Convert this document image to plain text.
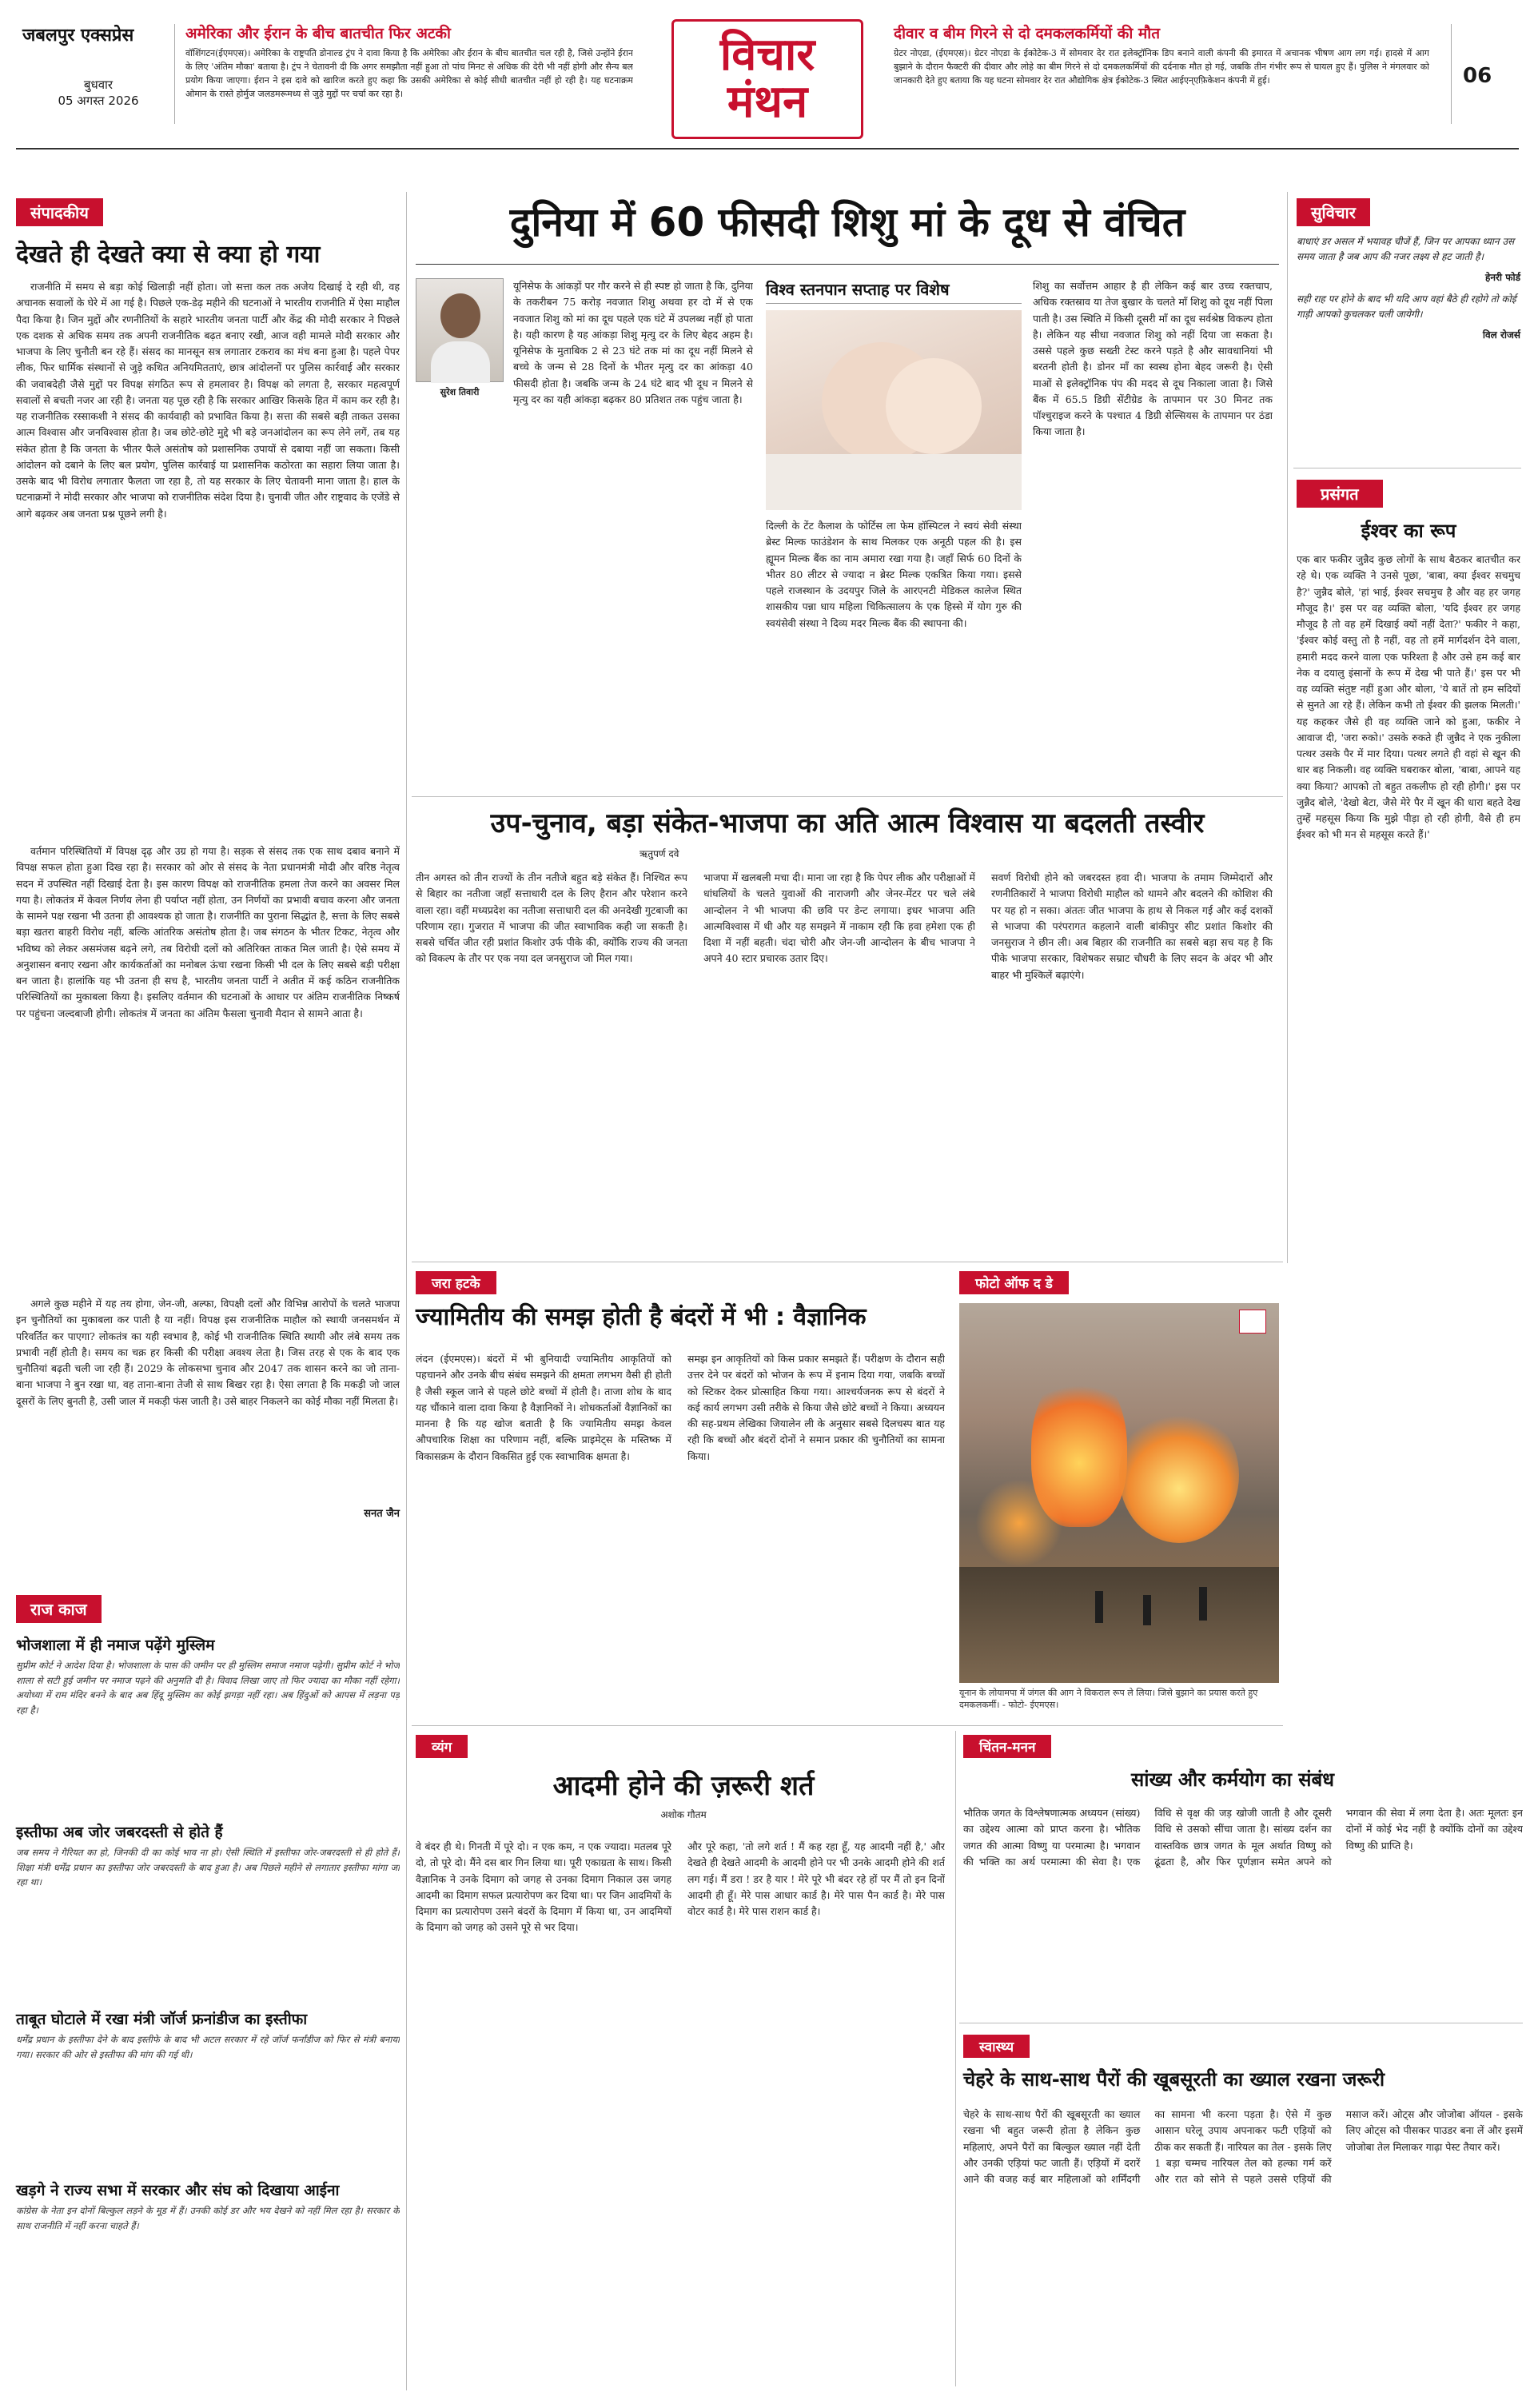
जबलपुर एक्सप्रेस
बुधवार
05 अगस्त 2026
अमेरिका और ईरान के बीच बातचीत फिर अटकी
वॉशिंगटन(ईएमएस)। अमेरिका के राष्ट्रपति डोनाल्ड ट्रंप ने दावा किया है कि अमेरिका और ईरान के बीच बातचीत चल रही है, जिसे उन्होंने ईरान के लिए 'अंतिम मौका' बताया है। ट्रंप ने चेतावनी दी कि अगर समझौता नहीं हुआ तो पांच मिनट से अधिक की देरी भी नहीं होगी और सैन्य बल प्रयोग किया जाएगा। ईरान ने इस दावे को खारिज करते हुए कहा कि उसकी अमेरिका से कोई सीधी बातचीत नहीं हो रही है। यह घटनाक्रम ओमान के रास्ते होर्मुज जलडमरूमध्य से जुड़े मुद्दों पर चर्चा कर रहा है।
विचार
मंथन
दीवार व बीम गिरने से दो दमकलकर्मियों की मौत
ग्रेटर नोएडा, (ईएमएस)। ग्रेटर नोएडा के ईकोटेक-3 में सोमवार देर रात इलेक्ट्रॉनिक डिप बनाने वाली कंपनी की इमारत में अचानक भीषण आग लग गई। हादसे में आग बुझाने के दौरान फैक्टरी की दीवार और लोहे का बीम गिरने से दो दमकलकर्मियों की दर्दनाक मौत हो गई, जबकि तीन गंभीर रूप से घायल हुए हैं। पुलिस ने मंगलवार को जानकारी देते हुए बताया कि यह घटना सोमवार देर रात औद्योगिक क्षेत्र ईकोटेक-3 स्थित आईएन्एफ़िकेशन कंपनी में हुई।	06
संपादकीय
देखते ही देखते क्या से क्या हो गया

राजनीति में समय से बड़ा कोई खिलाड़ी नहीं होता। जो सत्ता कल तक अजेय दिखाई दे रही थी, वह अचानक सवालों के घेरे में आ गई है। पिछले एक-डेढ़ महीने की घटनाओं ने भारतीय राजनीति में ऐसा माहौल पैदा किया है। जिन मुद्दों और रणनीतियों के सहारे भारतीय जनता पार्टी और केंद्र की मोदी सरकार ने पिछले एक दशक से अधिक समय तक अपनी राजनीतिक बढ़त बनाए रखी, आज वही मामले मोदी सरकार और भाजपा के लिए चुनौती बन रहे हैं। संसद का मानसून सत्र लगातार टकराव का मंच बना हुआ है। पहले पेपर लीक, फिर धार्मिक संस्थानों से जुड़े कथित अनियमितताएं, छात्र आंदोलनों पर पुलिस कार्रवाई और सरकार की जवाबदेही जैसे मुद्दों पर विपक्ष संगठित रूप से हमलावर है। विपक्ष को लगता है, सरकार महत्वपूर्ण सवालों से बचती नजर आ रही है। जनता यह पूछ रही है कि सरकार आखिर किसके हित में काम कर रही है। यह राजनीतिक रस्साकशी ने संसद की कार्यवाही को प्रभावित किया है। सत्ता की सबसे बड़ी ताकत उसका आत्म विश्वास और जनविश्वास होता है। जब छोटे-छोटे मुद्दे भी बड़े जनआंदोलन का रूप लेने लगें, तब यह संकेत होता है कि जनता के भीतर फैले असंतोष को प्रशासनिक उपायों से दबाया नहीं जा सकता। किसी आंदोलन को दबाने के लिए बल प्रयोग, पुलिस कार्रवाई या प्रशासनिक कठोरता का सहारा लिया जाता है। उसके बाद भी विरोध लगातार फैलता जा रहा है, तो यह सरकार के लिए चेतावनी माना जाता है। हाल के घटनाक्रमों ने मोदी सरकार और भाजपा को राजनीतिक संदेश दिया है। चुनावी जीत और राष्ट्रवाद के एजेंडे से आगे बढ़कर अब जनता प्रश्न पूछने लगी है।

वर्तमान परिस्थितियों में विपक्ष दृढ़ और उग्र हो गया है। सड़क से संसद तक एक साथ दबाव बनाने में विपक्ष सफल होता हुआ दिख रहा है। सरकार को ओर से संसद के नेता प्रधानमंत्री मोदी और वरिष्ठ नेतृत्व सदन में उपस्थित नहीं दिखाई देता है। इस कारण विपक्ष को राजनीतिक हमला तेज करने का अवसर मिल गया है। लोकतंत्र में केवल निर्णय लेना ही पर्याप्त नहीं होता, उन निर्णयों का प्रभावी बचाव करना और जनता के सामने पक्ष रखना भी उतना ही आवश्यक हो जाता है। राजनीति का पुराना सिद्धांत है, सत्ता के लिए सबसे बड़ा खतरा बाहरी विरोध नहीं, बल्कि आंतरिक असंतोष होता है। जब संगठन के भीतर टिकट, नेतृत्व और भविष्य को लेकर असमंजस बढ़ने लगे, तब विरोधी दलों को अतिरिक्त ताकत मिल जाती है। ऐसे समय में अनुशासन बनाए रखना और कार्यकर्ताओं का मनोबल ऊंचा रखना किसी भी दल के लिए सबसे बड़ी परीक्षा बन जाता है। हालांकि यह भी उतना ही सच है, भारतीय जनता पार्टी ने अतीत में कई कठिन राजनीतिक परिस्थितियों का मुकाबला किया है। इसलिए वर्तमान की घटनाओं के आधार पर अंतिम राजनीतिक निष्कर्ष पर पहुंचना जल्दबाजी होगी। लोकतंत्र में जनता का अंतिम फैसला चुनावी मैदान से सामने आता है।

अगले कुछ महीने में यह तय होगा, जेन-जी, अल्फा, विपक्षी दलों और विभिन्न आरोपों के चलते भाजपा इन चुनौतियों का मुकाबला कर पाती है या नहीं। विपक्ष इस राजनीतिक माहौल को स्थायी जनसमर्थन में परिवर्तित कर पाएगा? लोकतंत्र का यही स्वभाव है, कोई भी राजनीतिक स्थिति स्थायी और लंबे समय तक प्रभावी नहीं होती है। समय का चक्र हर किसी की परीक्षा अवश्य लेता है। जिस तरह से एक के बाद एक चुनौतियां बढ़ती चली जा रही हैं। 2029 के लोकसभा चुनाव और 2047 तक शासन करने का जो ताना-बाना भाजपा ने बुन रखा था, वह ताना-बाना तेजी से साथ बिखर रहा है। ऐसा लगता है कि मकड़ी जो जाल दूसरों के लिए बुनती है, उसी जाल में मकड़ी फंस जाती है। उसे बाहर निकलने का कोई मौका नहीं मिलता है।

सनत जैन
राज काज
भोजशाला में ही नमाज पढ़ेंगे मुस्लिम
सुप्रीम कोर्ट ने आदेश दिया है। भोजशाला के पास की जमीन पर ही मुस्लिम समाज नमाज पढ़ेगी। सुप्रीम कोर्ट ने भोज शाला से सटी हुई जमीन पर नमाज पढ़ने की अनुमति दी है। विवाद लिखा जाए तो फिर ज्यादा का मौका नहीं रहेगा। अयोध्या में राम मंदिर बनने के बाद अब हिंदू मुस्लिम का कोई झगड़ा नहीं रहा। अब हिंदुओं को आपस में लड़ना पड़ रहा है।
इस्तीफा अब जोर जबरदस्ती से होते हैं
जब समय ने गैरियत का हो, जिनकी दी का कोई भाव ना हो। ऐसी स्थिति में इस्तीफा जोर-जबरदस्ती से ही होते हैं। शिक्षा मंत्री धर्मेंद्र प्रधान का इस्तीफा जोर जबरदस्ती के बाद हुआ है। अब पिछले महीने से लगातार इस्तीफा मांगा जा रहा था।
ताबूत घोटाले में रखा मंत्री जॉर्ज फ्रनांडीज का इस्तीफा
धर्मेंद्र प्रधान के इस्तीफा देने के बाद इस्तीफे के बाद भी अटल सरकार में रहे जॉर्ज फर्नांडीज को फिर से मंत्री बनाया गया। सरकार की ओर से इस्तीफा की मांग की गई थी।
खड़गे ने राज्य सभा में सरकार और संघ को दिखाया आईना
कांग्रेस के नेता इन दोनों बिल्कुल लड़ने के मूड में हैं। उनकी कोई डर और भय देखने को नहीं मिल रहा है। सरकार के साथ राजनीति में नहीं करना चाहते हैं।
दुनिया में 60 फीसदी शिशु मां के दूध से वंचित
सुरेश तिवारी
यूनिसेफ के आंकड़ों पर गौर करने से ही स्पष्ट हो जाता है कि, दुनिया के तकरीबन 75 करोड़ नवजात शिशु अथवा हर दो में से एक नवजात शिशु को मां का दूध पहले एक घंटे में उपलब्ध नहीं हो पाता है। यही कारण है यह आंकड़ा शिशु मृत्यु दर के लिए बेहद अहम है। यूनिसेफ के मुताबिक 2 से 23 घंटे तक मां का दूध नहीं मिलने से बच्चे के जन्म से 28 दिनों के भीतर मृत्यु दर का आंकड़ा 40 फीसदी होता है। जबकि जन्म के 24 घंटे बाद भी दूध न मिलने से मृत्यु दर का यही आंकड़ा बढ़कर 80 प्रतिशत तक पहुंच जाता है।
विश्व स्तनपान सप्ताह पर विशेष
दिल्ली के टेंट कैलाश के फोर्टिस ला फेम हॉस्पिटल ने स्वयं सेवी संस्था ब्रेस्ट मिल्क फाउंडेशन के साथ मिलकर एक अनूठी पहल की है। इस ह्यूमन मिल्क बैंक का नाम अमारा रखा गया है। जहाँ सिर्फ 60 दिनों के भीतर 80 लीटर से ज्यादा न ब्रेस्ट मिल्क एकत्रित किया गया। इससे पहले राजस्थान के उदयपुर जिले के आरएनटी मेडिकल कालेज स्थित शासकीय पन्ना धाय महिला चिकित्सालय के एक हिस्से में योग गुरु की स्वयंसेवी संस्था ने दिव्य मदर मिल्क बैंक की स्थापना की।
शिशु का सर्वोत्तम आहार है ही लेकिन कई बार उच्च रक्तचाप, अधिक रक्तस्राव या तेज बुखार के चलते माँ शिशु को दूध नहीं पिला पाती है। उस स्थिति में किसी दूसरी माँ का दूध सर्वश्रेष्ठ विकल्प होता है। लेकिन यह सीधा नवजात शिशु को नहीं दिया जा सकता है। उससे पहले कुछ सख्ती टेस्ट करने पड़ते है और सावधानियां भी बरतनी होती है। डोनर माँ का स्वस्थ होना बेहद जरूरी है। ऐसी माओं से इलेक्ट्रॉनिक पंप की मदद से दूध निकाला जाता है। जिसे बैंक में 65.5 डिग्री सेंटीग्रेड के तापमान पर 30 मिनट तक पॉश्चुराइज करने के पश्चात 4 डिग्री सेल्सियस के तापमान पर ठंडा किया जाता है।
उप-चुनाव, बड़ा संकेत-भाजपा का अति आत्म विश्वास या बदलती तस्वीर
ऋतुपर्ण दवे
तीन अगस्त को तीन राज्यों के तीन नतीजे बहुत बड़े संकेत हैं। निश्चित रूप से बिहार का नतीजा जहाँ सत्ताधारी दल के लिए हैरान और परेशान करने वाला रहा। वहीं मध्यप्रदेश का नतीजा सत्ताधारी दल की अनदेखी गुटबाजी का परिणाम रहा। गुजरात में भाजपा की जीत स्वाभाविक कही जा सकती है। सबसे चर्चित जीत रही प्रशांत किशोर उर्फ पीके की, क्योंकि राज्य की जनता को विकल्प के तौर पर एक नया दल जनसुराज जो मिल गया।
भाजपा में खलबली मचा दी। माना जा रहा है कि पेपर लीक और परीक्षाओं में धांधलियों के चलते युवाओं की नाराजगी और जेनर-मेंटर पर चले लंबे आन्दोलन ने भी भाजपा की छवि पर डेन्ट लगाया। इधर भाजपा अति आत्मविश्वास में थी और यह समझने में नाकाम रही कि हवा हमेशा एक ही दिशा में नहीं बहती। चंदा चोरी और जेन-जी आन्दोलन के बीच भाजपा ने अपने 40 स्टार प्रचारक उतार दिए।
सवर्ण विरोधी होने को जबरदस्त हवा दी। भाजपा के तमाम जिम्मेदारों और रणनीतिकारों ने भाजपा विरोधी माहौल को थामने और बदलने की कोशिश की पर यह हो न सका। अंततः जीत भाजपा के हाथ से निकल गई और कई दशकों से भाजपा की परंपरागत कहलाने वाली बांकीपुर सीट प्रशांत किशोर की जनसुराज ने छीन ली। अब बिहार की राजनीति का सबसे बड़ा सच यह है कि पीके भाजपा सरकार, विशेषकर सम्राट चौधरी के लिए सदन के अंदर भी और बाहर भी मुश्किलें बढ़ाएंगे।
जरा हटके
ज्यामितीय की समझ होती है बंदरों में भी : वैज्ञानिक
लंदन (ईएमएस)। बंदरों में भी बुनियादी ज्यामितीय आकृतियों को पहचानने और उनके बीच संबंध समझने की क्षमता लगभग वैसी ही होती है जैसी स्कूल जाने से पहले छोटे बच्चों में होती है। ताजा शोध के बाद यह चौंकाने वाला दावा किया है वैज्ञानिकों ने। शोधकर्ताओं वैज्ञानिकों का मानना है कि यह खोज बताती है कि ज्यामितीय समझ केवल औपचारिक शिक्षा का परिणाम नहीं, बल्कि प्राइमेट्स के मस्तिष्क में विकासक्रम के दौरान विकसित हुई एक स्वाभाविक क्षमता है।
समझ इन आकृतियों को किस प्रकार समझते हैं। परीक्षण के दौरान सही उत्तर देने पर बंदरों को भोजन के रूप में इनाम दिया गया, जबकि बच्चों को स्टिकर देकर प्रोत्साहित किया गया। आश्चर्यजनक रूप से बंदरों ने कई कार्य लगभग उसी तरीके से किया जैसे छोटे बच्चों ने किया। अध्ययन की सह-प्रथम लेखिका जियालेन ली के अनुसार सबसे दिलचस्प बात यह रही कि बच्चों और बंदरों दोनों ने समान प्रकार की चुनौतियों का सामना किया।
फोटो ऑफ द डे
यूनान के लोयामपा में जंगल की आग ने विकराल रूप ले लिया। जिसे बुझाने का प्रयास करते हुए दमकलकर्मी। - फोटो- ईएमएस।
व्यंग
आदमी होने की ज़रूरी शर्त
अशोक गौतम
वे बंदर ही थे। गिनती में पूरे दो। न एक कम, न एक ज्यादा। मतलब पूरे दो, तो पूरे दो। मैंने दस बार गिन लिया था। पूरी एकाग्रता के साथ। किसी वैज्ञानिक ने उनके दिमाग को जगह से उनका दिमाग निकाल उस जगह आदमी का दिमाग सफल प्रत्यारोपण कर दिया था। पर जिन आदमियों के दिमाग का प्रत्यारोपण उसने बंदरों के दिमाग में किया था, उन आदमियों के दिमाग को जगह को उसने पूरे से भर दिया।
और पूरे कहा, 'तो लगे शर्त ! मैं कह रहा हूँ, यह आदमी नहीं है,' और देखते ही देखते आदमी के आदमी होने पर भी उनके आदमी होने की शर्त लग गई। मैं डरा ! डर है यार ! मेरे पूरे भी बंदर रहे हों पर मैं तो इन दिनों आदमी ही हूँ। मेरे पास आधार कार्ड है। मेरे पास पैन कार्ड है। मेरे पास वोटर कार्ड है। मेरे पास राशन कार्ड है।
चिंतन-मनन
सांख्य और कर्मयोग का संबंध
भौतिक जगत के विश्लेषणात्मक अध्ययन (सांख्य) का उद्देश्य आत्मा को प्राप्त करना है। भौतिक जगत की आत्मा विष्णु या परमात्मा है। भगवान की भक्ति का अर्थ परमात्मा की सेवा है। एक विधि से वृक्ष की जड़ खोजी जाती है और दूसरी विधि से उसको सींचा जाता है। सांख्य दर्शन का वास्तविक छात्र जगत के मूल अर्थात विष्णु को ढूंढता है, और फिर पूर्णज्ञान समेत अपने को भगवान की सेवा में लगा देता है। अतः मूलतः इन दोनों में कोई भेद नहीं है क्योंकि दोनों का उद्देश्य विष्णु की प्राप्ति है।
स्वास्थ्य
चेहरे के साथ-साथ पैरों की खूबसूरती का ख्याल रखना जरूरी
चेहरे के साथ-साथ पैरों की खूबसूरती का ख्याल रखना भी बहुत जरूरी होता है लेकिन कुछ महिलाएं, अपने पैरों का बिल्कुल ख्याल नहीं देती और उनकी एड़ियां फट जाती हैं। एड़ियों में दरारें आने की वजह कई बार महिलाओं को शर्मिंदगी का सामना भी करना पड़ता है। ऐसे में कुछ आसान घरेलू उपाय अपनाकर फटी एड़ियों को ठीक कर सकती हैं। नारियल का तेल - इसके लिए 1 बड़ा चम्मच नारियल तेल को हल्का गर्म करें और रात को सोने से पहले उससे एड़ियों की मसाज करें। ओट्स और जोजोबा ऑयल - इसके लिए ओट्स को पीसकर पाउडर बना लें और इसमें जोजोबा तेल मिलाकर गाढ़ा पेस्ट तैयार करें।
सुविचार
बाधाएं डर असल में भयावह चीजें हैं, जिन पर आपका ध्यान उस समय जाता है जब आप की नजर लक्ष्य से हट जाती है।
हेनरी फोर्ड
सही राह पर होने के बाद भी यदि आप वहां बैठे ही रहोगे तो कोई गाड़ी आपको कुचलकर चली जायेगी।
विल रोजर्स
प्रसंगत
ईश्वर का रूप
एक बार फकीर जुन्नैद कुछ लोगों के साथ बैठकर बातचीत कर रहे थे। एक व्यक्ति ने उनसे पूछा, 'बाबा, क्या ईश्वर सचमुच है?' जुन्नैद बोले, 'हां भाई, ईश्वर सचमुच है और वह हर जगह मौजूद है।' इस पर वह व्यक्ति बोला, 'यदि ईश्वर हर जगह मौजूद है तो वह हमें दिखाई क्यों नहीं देता?' फकीर ने कहा, 'ईश्वर कोई वस्तु तो है नहीं, वह तो हमें मार्गदर्शन देने वाला, हमारी मदद करने वाला एक फरिश्ता है और उसे हम कई बार नेक व दयालु इंसानों के रूप में देख भी पाते हैं।' इस पर भी वह व्यक्ति संतुष्ट नहीं हुआ और बोला, 'ये बातें तो हम सदियों से सुनते आ रहे हैं। लेकिन कभी तो ईश्वर की झलक मिलती।' यह कहकर जैसे ही वह व्यक्ति जाने को हुआ, फकीर ने आवाज दी, 'जरा रुको।' उसके रुकते ही जुन्नैद ने एक नुकीला पत्थर उसके पैर में मार दिया। पत्थर लगते ही वहां से खून की धार बह निकली। वह व्यक्ति घबराकर बोला, 'बाबा, आपने यह क्या किया? आपको तो बहुत तकलीफ हो रही होगी।' इस पर जुन्नैद बोले, 'देखो बेटा, जैसे मेरे पैर में खून की धारा बहते देख तुम्हें महसूस किया कि मुझे पीड़ा हो रही होगी, वैसे ही हम ईश्वर को भी मन से महसूस करते हैं।'
